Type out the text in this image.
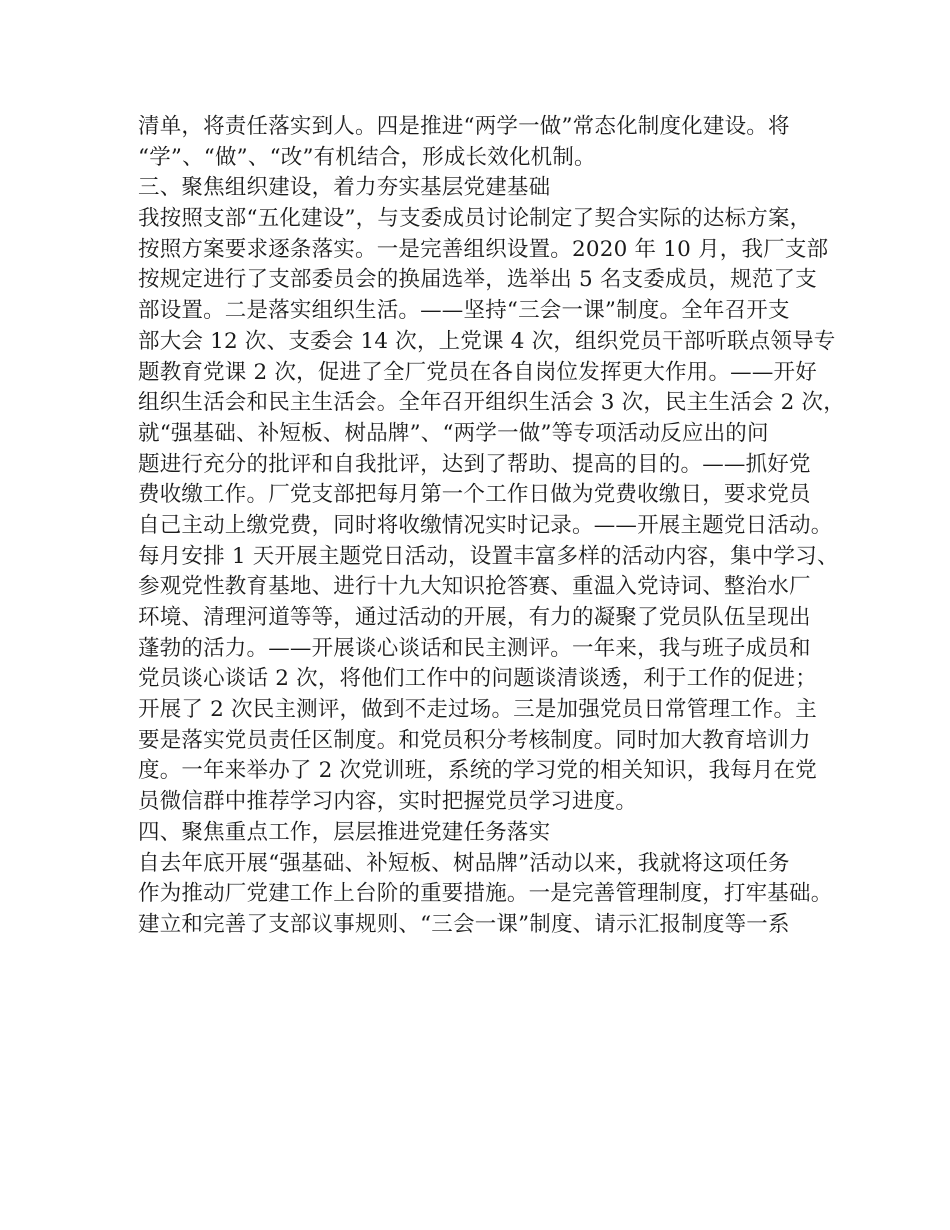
清单，将责任落实到人。四是推进“两学一做”常态化制度化建设。将
“学”、“做”、“改”有机结合，形成长效化机制。
三、聚焦组织建设，着力夯实基层党建基础
我按照支部“五化建设”，与支委成员讨论制定了契合实际的达标方案，
按照方案要求逐条落实。一是完善组织设置。2020 年 10 月，我厂支部
按规定进行了支部委员会的换届选举，选举出 5 名支委成员，规范了支
部设置。二是落实组织生活。——坚持“三会一课”制度。全年召开支
部大会 12 次、支委会 14 次，上党课 4 次，组织党员干部听联点领导专
题教育党课 2 次，促进了全厂党员在各自岗位发挥更大作用。——开好
组织生活会和民主生活会。全年召开组织生活会 3 次，民主生活会 2 次，
就“强基础、补短板、树品牌”、“两学一做”等专项活动反应出的问
题进行充分的批评和自我批评，达到了帮助、提高的目的。——抓好党
费收缴工作。厂党支部把每月第一个工作日做为党费收缴日，要求党员
自己主动上缴党费，同时将收缴情况实时记录。——开展主题党日活动。
每月安排 1 天开展主题党日活动，设置丰富多样的活动内容，集中学习、
参观党性教育基地、进行十九大知识抢答赛、重温入党诗词、整治水厂
环境、清理河道等等，通过活动的开展，有力的凝聚了党员队伍呈现出
蓬勃的活力。——开展谈心谈话和民主测评。一年来，我与班子成员和
党员谈心谈话 2 次，将他们工作中的问题谈清谈透，利于工作的促进；
开展了 2 次民主测评，做到不走过场。三是加强党员日常管理工作。主
要是落实党员责任区制度。和党员积分考核制度。同时加大教育培训力
度。一年来举办了 2 次党训班，系统的学习党的相关知识，我每月在党
员微信群中推荐学习内容，实时把握党员学习进度。
四、聚焦重点工作，层层推进党建任务落实
自去年底开展“强基础、补短板、树品牌”活动以来，我就将这项任务
作为推动厂党建工作上台阶的重要措施。一是完善管理制度，打牢基础。
建立和完善了支部议事规则、“三会一课”制度、请示汇报制度等一系
